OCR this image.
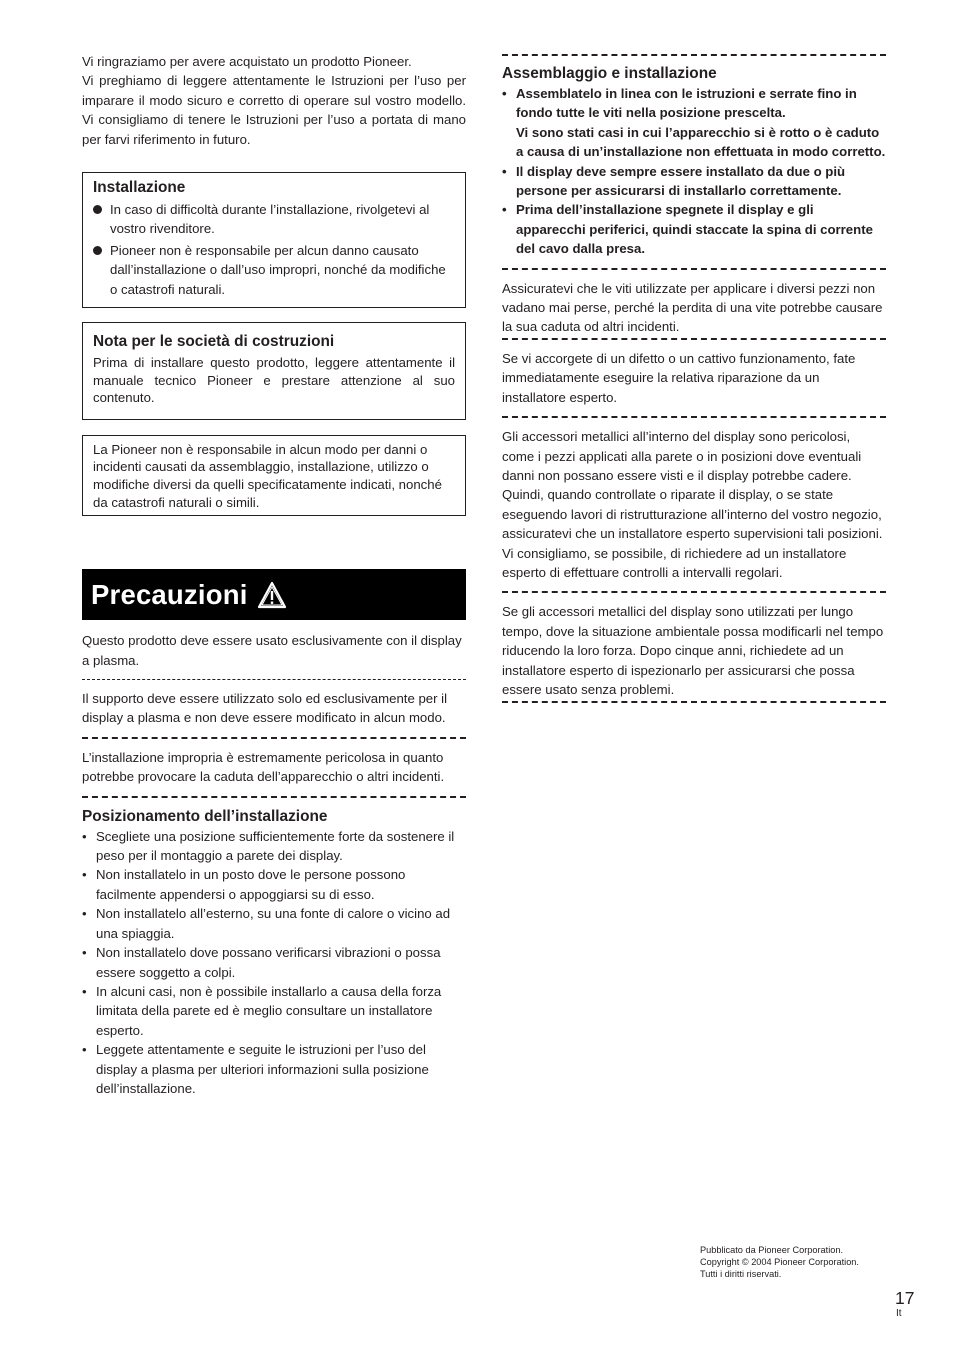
Vi ringraziamo per avere acquistato un prodotto Pioneer.

Vi preghiamo di leggere attentamente le Istruzioni per l’uso per imparare il modo sicuro e corretto di operare sul vostro modello. Vi consigliamo di tenere le Istruzioni per l’uso a portata di mano per farvi riferimento in futuro.

Installazione
In caso di difficoltà durante l’installazione, rivolgetevi al vostro rivenditore.
Pioneer non è responsabile per alcun danno causato dall’installazione o dall’uso impropri, nonché da modifiche o catastrofi naturali.
Nota per le società di costruzioni

Prima di installare questo prodotto, leggere attentamente il manuale tecnico Pioneer e prestare attenzione al suo contenuto.

La Pioneer non è responsabile in alcun modo per danni o incidenti causati da assemblaggio, installazione, utilizzo o modifiche diversi da quelli specificatamente indicati, nonché da catastrofi naturali o simili.

Precauzioni

Questo prodotto deve essere usato esclusivamente con il display a plasma.

Il supporto deve essere utilizzato solo ed esclusivamente per il display a plasma e non deve essere modificato in alcun modo.

L’installazione impropria è estremamente pericolosa in quanto potrebbe provocare la caduta dell’apparecchio o altri incidenti.

Posizionamento dell’installazione
• Scegliete una posizione sufficientemente forte da sostenere il peso per il montaggio a parete dei display.
• Non installatelo in un posto dove le persone possono facilmente appendersi o appoggiarsi su di esso.
• Non installatelo all’esterno, su una fonte di calore o vicino ad una spiaggia.
• Non installatelo dove possano verificarsi vibrazioni o possa essere soggetto a colpi.
• In alcuni casi, non è possibile installarlo a causa della forza limitata della parete ed è meglio consultare un installatore esperto.
• Leggete attentamente e seguite le istruzioni per l’uso del display a plasma per ulteriori informazioni sulla posizione dell’installazione.
Assemblaggio e installazione
• Assemblatelo in linea con le istruzioni e serrate fino in fondo tutte le viti nella posizione prescelta.
Vi sono stati casi in cui l’apparecchio si è rotto o è caduto a causa di un’installazione non effettuata in modo corretto.
• Il display deve sempre essere installato da due o più persone per assicurarsi di installarlo correttamente.
• Prima dell’installazione spegnete il display e gli apparecchi periferici, quindi staccate la spina di corrente del cavo dalla presa.

Assicuratevi che le viti utilizzate per applicare i diversi pezzi non vadano mai perse, perché la perdita di una vite potrebbe causare la sua caduta od altri incidenti.

Se vi accorgete di un difetto o un cattivo funzionamento, fate immediatamente eseguire la relativa riparazione da un installatore esperto.

Gli accessori metallici all’interno del display sono pericolosi, come i pezzi applicati alla parete o in posizioni dove eventuali danni non possano essere visti e il display potrebbe cadere. Quindi, quando controllate o riparate il display, o se state eseguendo lavori di ristrutturazione all’interno del vostro negozio, assicuratevi che un installatore esperto supervisioni tali posizioni.

Vi consigliamo, se possibile, di richiedere ad un installatore esperto di effettuare controlli a intervalli regolari.

Se gli accessori metallici del display sono utilizzati per lungo tempo, dove la situazione ambientale possa modificarli nel tempo riducendo la loro forza. Dopo cinque anni, richiedete ad un installatore esperto di ispezionarlo per assicurarsi che possa essere usato senza problemi.

Pubblicato da Pioneer Corporation.
Copyright © 2004 Pioneer Corporation.
Tutti i diritti riservati.
17
It
